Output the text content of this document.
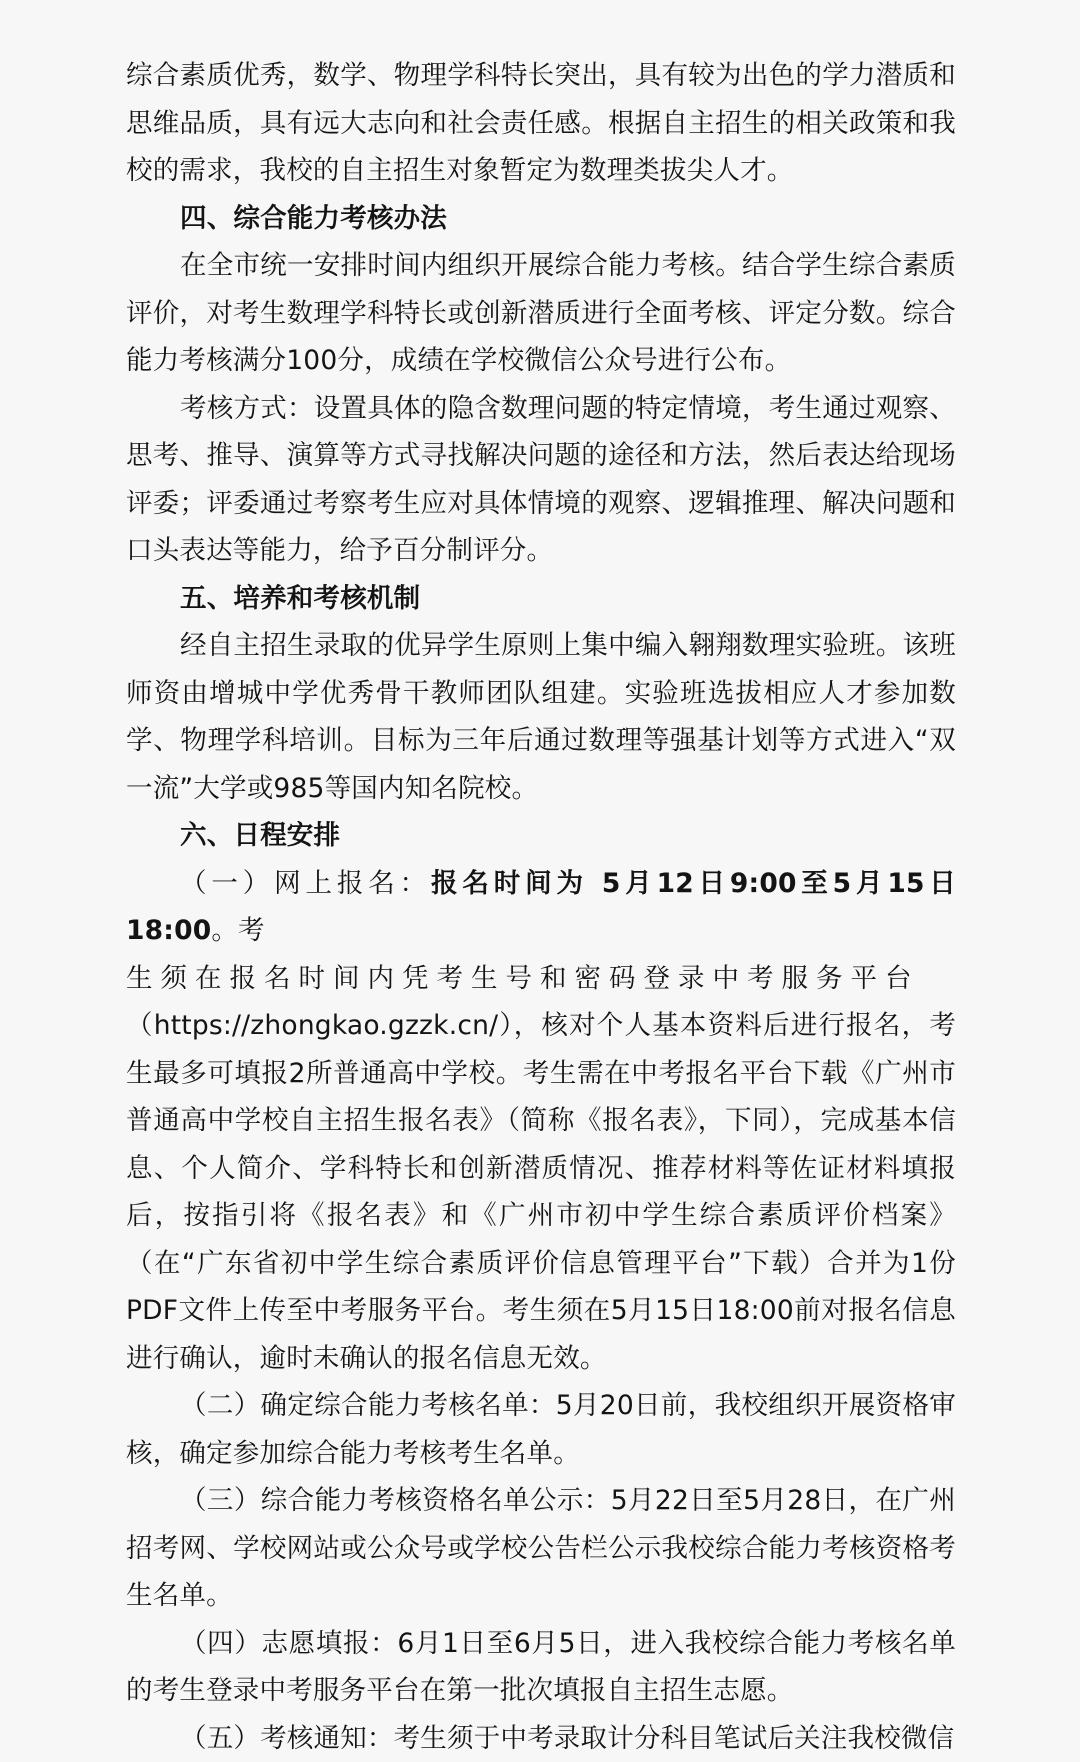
综合素质优秀，数学、物理学科特长突出，具有较为出色的学力潜质和思维品质，具有远大志向和社会责任感。根据自主招生的相关政策和我校的需求，我校的自主招生对象暂定为数理类拔尖人才。

四、综合能力考核办法

在全市统一安排时间内组织开展综合能力考核。结合学生综合素质评价，对考生数理学科特长或创新潜质进行全面考核、评定分数。综合能力考核满分100分，成绩在学校微信公众号进行公布。

考核方式：设置具体的隐含数理问题的特定情境，考生通过观察、思考、推导、演算等方式寻找解决问题的途径和方法，然后表达给现场评委；评委通过考察考生应对具体情境的观察、逻辑推理、解决问题和口头表达等能力，给予百分制评分。

五、培养和考核机制

经自主招生录取的优异学生原则上集中编入翱翔数理实验班。该班师资由增城中学优秀骨干教师团队组建。实验班选拔相应人才参加数学、物理学科培训。目标为三年后通过数理等强基计划等方式进入“双一流”大学或985等国内知名院校。

六、日程安排

（一）网上报名：报名时间为 5月12日9:00至5月15日18:00。考
生须在报名时间内凭考生号和密码登录中考服务平台
（https://zhongkao.gzzk.cn/），核对个人基本资料后进行报名，考生最多可填报2所普通高中学校。考生需在中考报名平台下载《广州市普通高中学校自主招生报名表》（简称《报名表》，下同），完成基本信息、个人简介、学科特长和创新潜质情况、推荐材料等佐证材料填报后，按指引将《报名表》和《广州市初中学生综合素质评价档案》（在“广东省初中学生综合素质评价信息管理平台”下载）合并为1份PDF文件上传至中考服务平台。考生须在5月15日18:00前对报名信息进行确认，逾时未确认的报名信息无效。

（二）确定综合能力考核名单：5月20日前，我校组织开展资格审核，确定参加综合能力考核考生名单。

（三）综合能力考核资格名单公示：5月22日至5月28日，在广州招考网、学校网站或公众号或学校公告栏公示我校综合能力考核资格考生名单。

（四）志愿填报：6月1日至6月5日，进入我校综合能力考核名单的考生登录中考服务平台在第一批次填报自主招生志愿。

（五）考核通知：考生须于中考录取计分科目笔试后关注我校微信
